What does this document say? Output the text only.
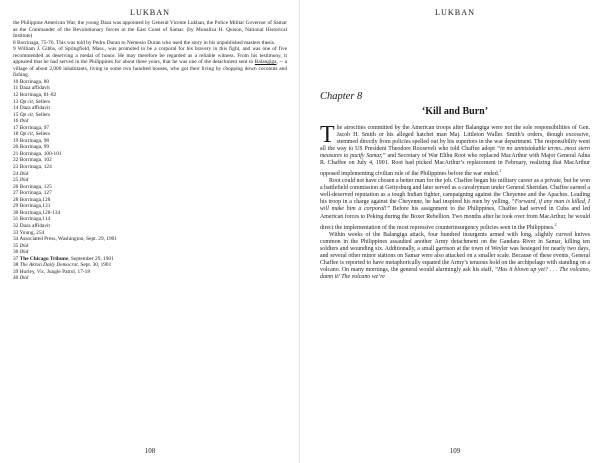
LUKBAN
the Philippine American War, the young Daza was appointed by General Vicente Lukban, the Police Militar Governor of Samar as the Commander of the Revolutionary forces in the East Coast of Samar. (by Monaliza H. Quison, National Historical Institute)
8 Borrinaga, 75-76. This was told by Pedro Duran to Nemesio Duran who used the story in his unpublished masters thesis.
9 William J. Gibbs, of Springfield, Mass., was promoted to be a corporal for his bravery in this fight, and was one of five recommended as deserving a medal of honor. He may therefore be regarded as a reliable witness. From his testimony, it appeared that he had served in the Philippines for about three years, that he was one of the detachment sent to Balangiga, -- a village of about 2,000 inhabitants, living in some two hundred houses, who got their living by chopping down coconuts and fishing.
10 Borrinaga, 80
11 Daza affidavit
12 Borrinaga, 81-82
13 Op cit, Sellers
14 Daza affidavit
15 Op cit, Sellers
16 Ibid
17 Borrinaga, 97
18 Op cit, Sellers
19 Borrinaga, 98
20 Borrinaga, 99
21 Borrinaga, 100-101
22 Borrinaga, 102
23 Borrinaga, 124
24 Ibid
25 Ibid
26 Borrinaga, 125
27 Borrinaga, 127
28 Borrinaga,128
29 Borrinaga,131
30 Borrinaga,128-134
31 Borrinaga,114
32 Daza affidavit
33 Young, 254
34 Associated Press, Washington, Sept. 29, 1901
35 Ibid
36 Ibid
37 The Chicago Tribune, September 29, 1901
38 The Akron Daily Democrat, Sept. 30, 1901
39 Hurley, Vic, Jungle Patrol, 17-18
40 Ibid
108
LUKBAN
Chapter 8
‘Kill and Burn’

The atrocities committed by the American troops after Balangiga were not the sole responsibilities of Gen. Jacob H. Smith or his alleged hatchet man Maj. Littleton Waller. Smith’s orders, though excessive, stemmed directly from policies spelled out by his superiors in the war department. The responsibility went all the way to US President Theodore Roosevelt who told Chaffee adopt “in no unmistakable terms...most stern measures to pacify Samar,” and Secretary of War Elihu Root who replaced MacArthur with Major General Adna R. Chaffee on July 4, 1901. Root had picked MacArthur’s replacement in February, realizing that MacArthur opposed implementing civilian rule of the Philippines before the war ended.$^1$

Root could not have chosen a better man for the job. Chaffee began his military career as a private, but he won a battlefield commission at Gettysburg and later served as a cavalryman under General Sheridan. Chaffee earned a well-deserved reputation as a tough Indian fighter, campaigning against the Cheyenne and the Apaches. Leading his troop in a charge against the Cheyenne, he had inspired his men by yelling, “Forward, if any man is killed, I will make him a corporal!” Before his assignment to the Philippines, Chaffee had served in Cuba and led American forces to Peking during the Boxer Rebellion. Two months after he took over from MacArthur, he would direct the implementation of the most repressive counterinsurgency policies seen in the Philippines.$^2$

Within weeks of the Balangiga attack, four hundred insurgents armed with long, slightly curved knives common in the Philippines assaulted another Army detachment on the Gandara River in Samar, killing ten soldiers and wounding six. Additionally, a small garrison at the town of Weyler was besieged for nearly two days, and several other minor stations on Samar were also attacked on a smaller scale. Because of these events, General Chaffee is reported to have metaphorically equated the Army’s tenuous hold on the archipelago with standing on a volcano. On many mornings, the general would alarmingly ask his staff, “Has it blown up yet? . . . The volcano, damn it! The volcano we’re

109
